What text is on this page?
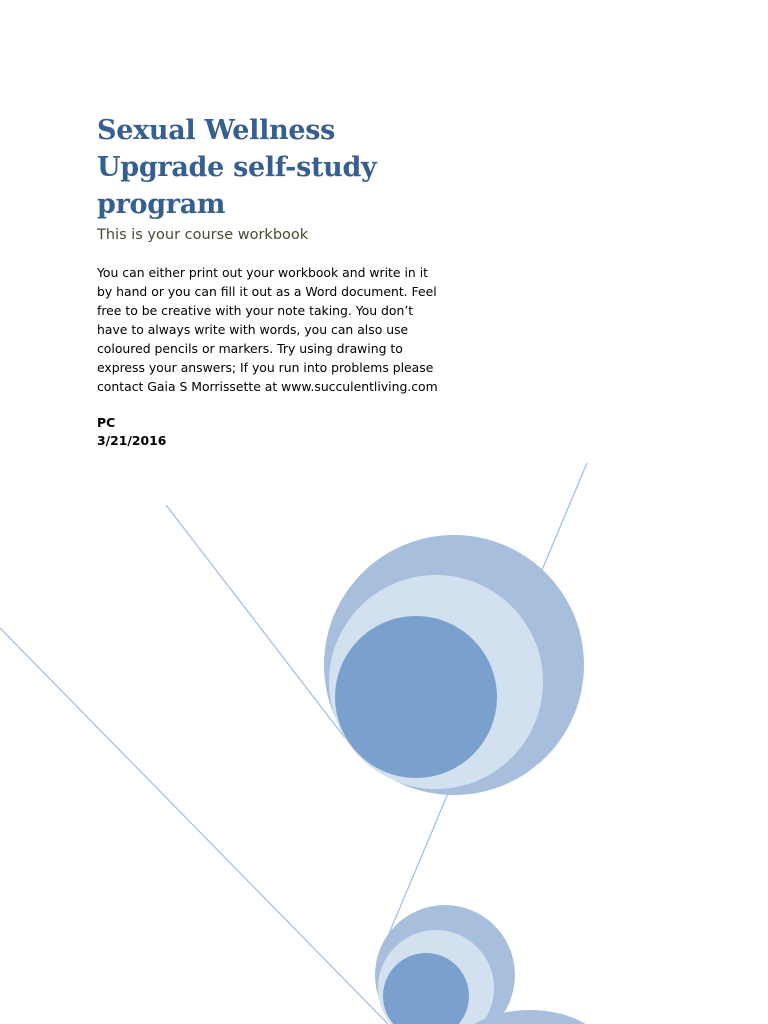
Sexual Wellness
Upgrade self-study
program

This is your course workbook

You can either print out your workbook and write in it
by hand or you can fill it out as a Word document. Feel
free to be creative with your note taking. You don’t
have to always write with words, you can also use
coloured pencils or markers. Try using drawing to
express your answers; If you run into problems please
contact Gaia S Morrissette at www.succulentliving.com

PC
3/21/2016
